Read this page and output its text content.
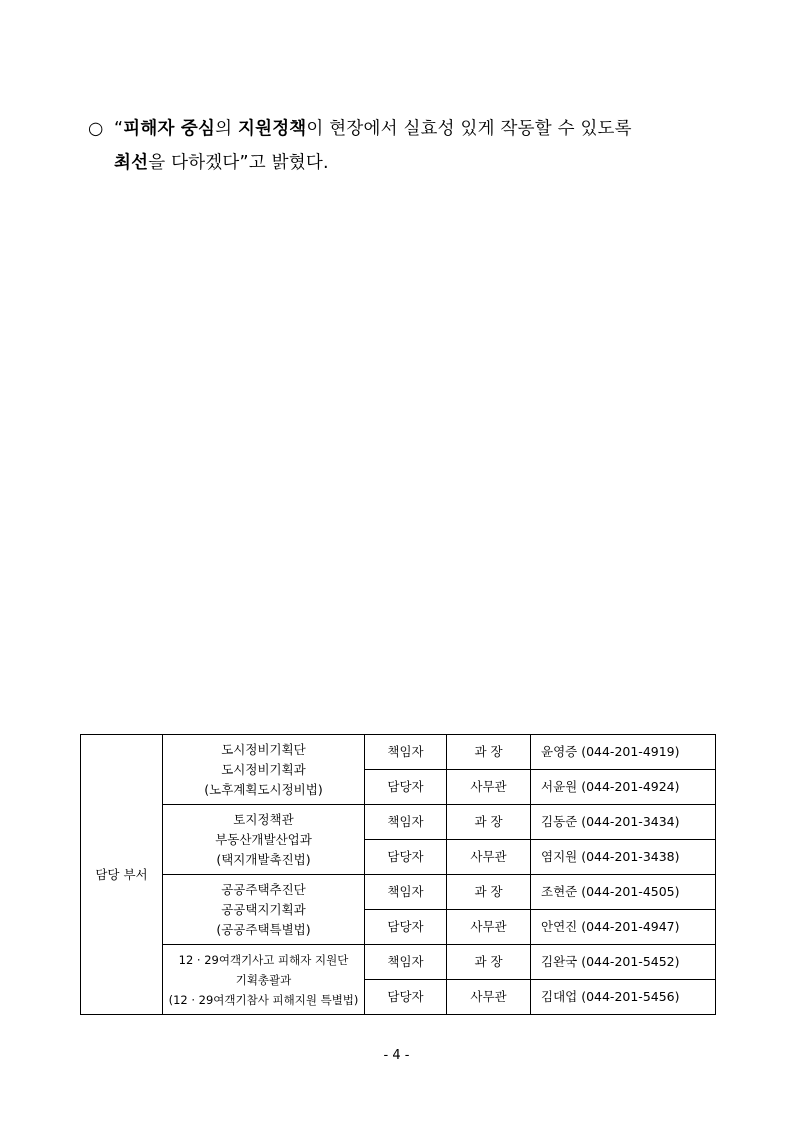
○ “피해자 중심의 지원정책이 현장에서 실효성 있게 작동할 수 있도록
최선을 다하겠다”고 밝혔다.
담당 부서	도시정비기획단
도시정비기획과
(노후계획도시정비법)	책임자	과 장	윤영증 (044-201-4919)
		담당자	사무관	서윤원 (044-201-4924)

	토지정책관
부동산개발산업과
(택지개발촉진법)	책임자	과 장	김동준 (044-201-3434)
		담당자	사무관	염지원 (044-201-3438)

	공공주택추진단
공공택지기획과
(공공주택특별법)	책임자	과 장	조현준 (044-201-4505)
		담당자	사무관	안연진 (044-201-4947)

	12 · 29여객기사고 피해자 지원단
기획총괄과
(12 · 29여객기참사 피해지원 특별법)	책임자	과 장	김완국 (044-201-5452)
		담당자	사무관	김대업 (044-201-5456)
- 4 -
